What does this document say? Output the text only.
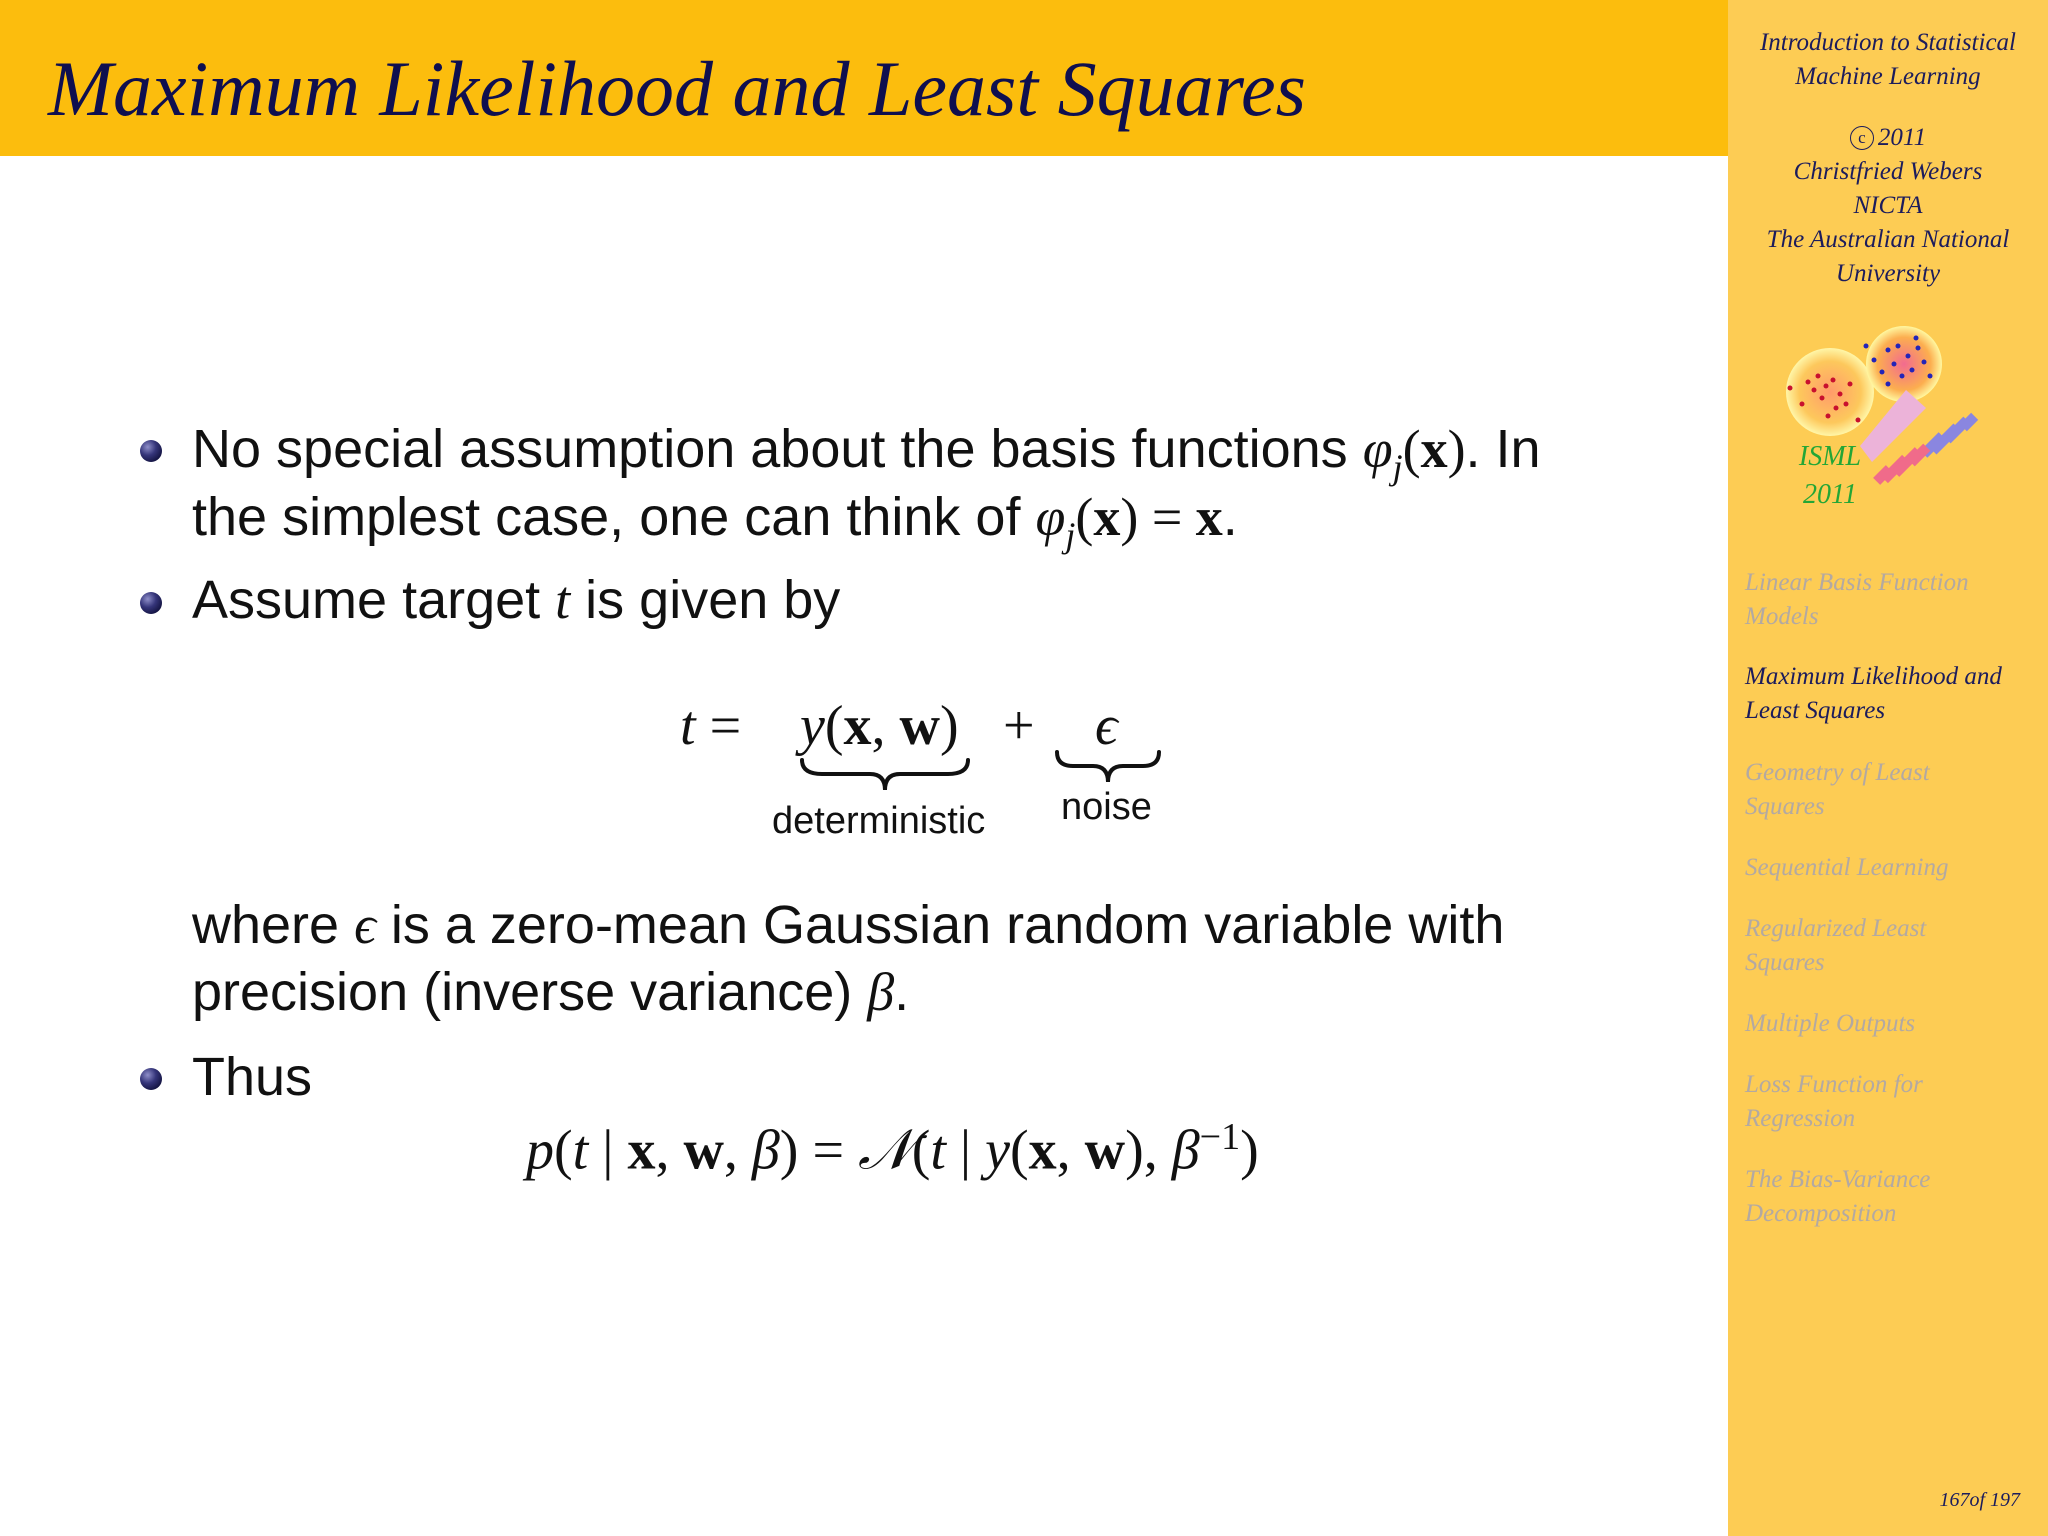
Maximum Likelihood and Least Squares
Introduction to Statistical
Machine Learning
c 2011
Christfried Webers
NICTA
The Australian National
University
167of 197
ISML
2011
Linear Basis Function
Models
Maximum Likelihood and
Least Squares
Geometry of Least
Squares
Sequential Learning
Regularized Least
Squares
Multiple Outputs
Loss Function for
Regression
The Bias-Variance
Decomposition
No special assumption about the basis functions $\varphi_j(x)$. In
the simplest case, one can think of $\varphi_j(x) = x$.
Assume target t is given by
t = y(x, w) + ϵ
deterministic noise
where ϵ is a zero-mean Gaussian random variable with
precision (inverse variance) β.
Thus
p(t | x, w, β) = 𝒩(t | y(x, w), $\beta^{-1}$)
